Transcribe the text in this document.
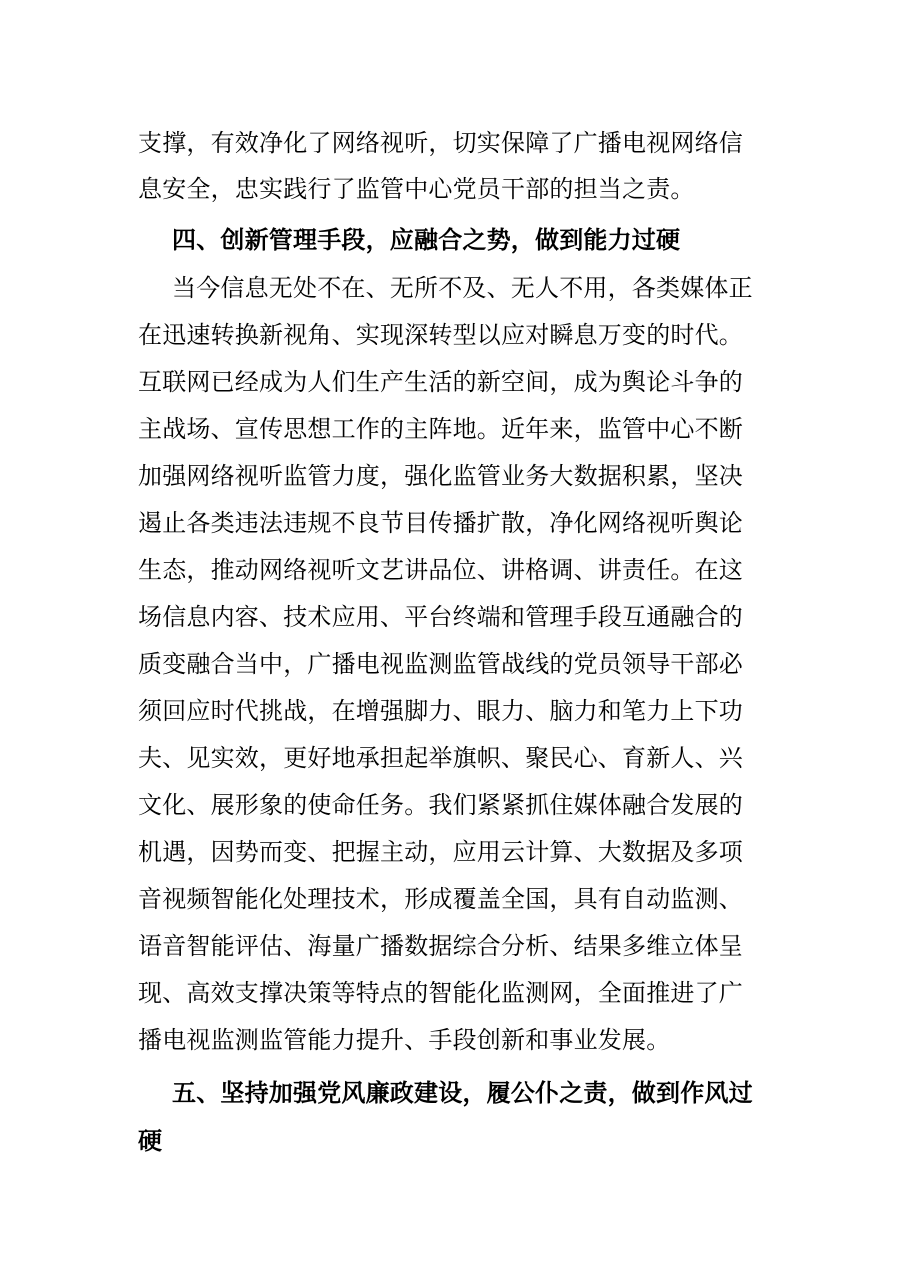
支撑，有效净化了网络视听，切实保障了广播电视网络信
息安全，忠实践行了监管中心党员干部的担当之责。
四、创新管理手段，应融合之势，做到能力过硬
当今信息无处不在、无所不及、无人不用，各类媒体正
在迅速转换新视角、实现深转型以应对瞬息万变的时代。
互联网已经成为人们生产生活的新空间，成为舆论斗争的
主战场、宣传思想工作的主阵地。近年来，监管中心不断
加强网络视听监管力度，强化监管业务大数据积累，坚决
遏止各类违法违规不良节目传播扩散，净化网络视听舆论
生态，推动网络视听文艺讲品位、讲格调、讲责任。在这
场信息内容、技术应用、平台终端和管理手段互通融合的
质变融合当中，广播电视监测监管战线的党员领导干部必
须回应时代挑战，在增强脚力、眼力、脑力和笔力上下功
夫、见实效，更好地承担起举旗帜、聚民心、育新人、兴
文化、展形象的使命任务。我们紧紧抓住媒体融合发展的
机遇，因势而变、把握主动，应用云计算、大数据及多项
音视频智能化处理技术，形成覆盖全国，具有自动监测、
语音智能评估、海量广播数据综合分析、结果多维立体呈
现、高效支撑决策等特点的智能化监测网，全面推进了广
播电视监测监管能力提升、手段创新和事业发展。
五、坚持加强党风廉政建设，履公仆之责，做到作风过
硬
